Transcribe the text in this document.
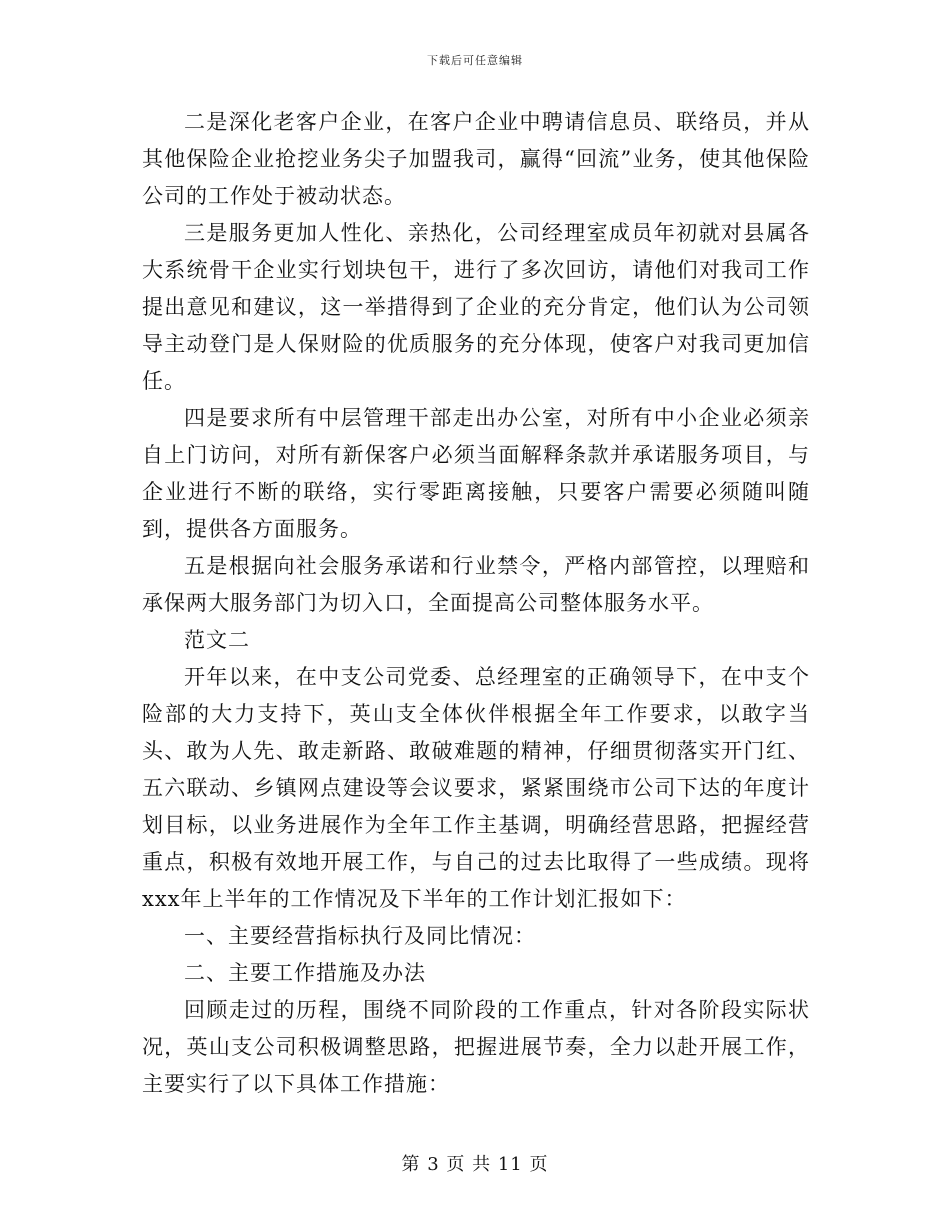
下载后可任意编辑

二是深化老客户企业，在客户企业中聘请信息员、联络员，并从其他保险企业抢挖业务尖子加盟我司，赢得“回流”业务，使其他保险公司的工作处于被动状态。

三是服务更加人性化、亲热化，公司经理室成员年初就对县属各大系统骨干企业实行划块包干，进行了多次回访，请他们对我司工作提出意见和建议，这一举措得到了企业的充分肯定，他们认为公司领导主动登门是人保财险的优质服务的充分体现，使客户对我司更加信任。

四是要求所有中层管理干部走出办公室，对所有中小企业必须亲自上门访问，对所有新保客户必须当面解释条款并承诺服务项目，与企业进行不断的联络，实行零距离接触，只要客户需要必须随叫随到，提供各方面服务。

五是根据向社会服务承诺和行业禁令，严格内部管控，以理赔和承保两大服务部门为切入口，全面提高公司整体服务水平。

范文二

开年以来，在中支公司党委、总经理室的正确领导下，在中支个险部的大力支持下，英山支全体伙伴根据全年工作要求，以敢字当头、敢为人先、敢走新路、敢破难题的精神，仔细贯彻落实开门红、五六联动、乡镇网点建设等会议要求，紧紧围绕市公司下达的年度计划目标，以业务进展作为全年工作主基调，明确经营思路，把握经营重点，积极有效地开展工作，与自己的过去比取得了一些成绩。现将xxx年上半年的工作情况及下半年的工作计划汇报如下：

一、主要经营指标执行及同比情况：

二、主要工作措施及办法

回顾走过的历程，围绕不同阶段的工作重点，针对各阶段实际状况，英山支公司积极调整思路，把握进展节奏，全力以赴开展工作，主要实行了以下具体工作措施：

第 3 页 共 11 页
